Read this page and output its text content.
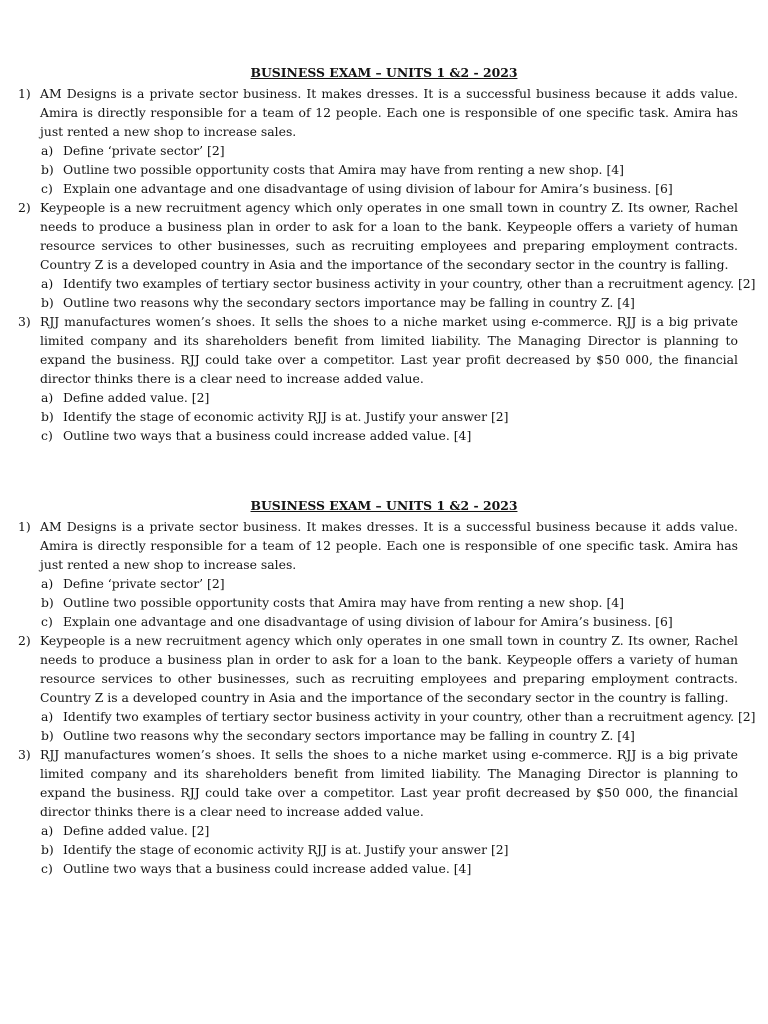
BUSINESS EXAM – UNITS 1 &2 - 2023
1) AM Designs is a private sector business. It makes dresses. It is a successful business because it adds value. Amira is directly responsible for a team of 12 people. Each one is responsible of one specific task. Amira has just rented a new shop to increase sales.

a) Define ‘private sector’ [2]
b) Outline two possible opportunity costs that Amira may have from renting a new shop. [4]
c) Explain one advantage and one disadvantage of using division of labour for Amira’s business. [6]
2) Keypeople is a new recruitment agency which only operates in one small town in country Z. Its owner, Rachel needs to produce a business plan in order to ask for a loan to the bank. Keypeople offers a variety of human resource services to other businesses, such as recruiting employees and preparing employment contracts. Country Z is a developed country in Asia and the importance of the secondary sector in the country is falling.

a) Identify two examples of tertiary sector business activity in your country, other than a recruitment agency. [2]
b) Outline two reasons why the secondary sectors importance may be falling in country Z. [4]
3) RJJ manufactures women’s shoes. It sells the shoes to a niche market using e-commerce. RJJ is a big private limited company and its shareholders benefit from limited liability. The Managing Director is planning to expand the business. RJJ could take over a competitor. Last year profit decreased by $50 000, the financial director thinks there is a clear need to increase added value.

a) Define added value. [2]
b) Identify the stage of economic activity RJJ is at. Justify your answer [2]
c) Outline two ways that a business could increase added value. [4]
BUSINESS EXAM – UNITS 1 &2 - 2023
1) AM Designs is a private sector business. It makes dresses. It is a successful business because it adds value. Amira is directly responsible for a team of 12 people. Each one is responsible of one specific task. Amira has just rented a new shop to increase sales.

a) Define ‘private sector’ [2]
b) Outline two possible opportunity costs that Amira may have from renting a new shop. [4]
c) Explain one advantage and one disadvantage of using division of labour for Amira’s business. [6]
2) Keypeople is a new recruitment agency which only operates in one small town in country Z. Its owner, Rachel needs to produce a business plan in order to ask for a loan to the bank. Keypeople offers a variety of human resource services to other businesses, such as recruiting employees and preparing employment contracts. Country Z is a developed country in Asia and the importance of the secondary sector in the country is falling.

a) Identify two examples of tertiary sector business activity in your country, other than a recruitment agency. [2]
b) Outline two reasons why the secondary sectors importance may be falling in country Z. [4]
3) RJJ manufactures women’s shoes. It sells the shoes to a niche market using e-commerce. RJJ is a big private limited company and its shareholders benefit from limited liability. The Managing Director is planning to expand the business. RJJ could take over a competitor. Last year profit decreased by $50 000, the financial director thinks there is a clear need to increase added value.

a) Define added value. [2]
b) Identify the stage of economic activity RJJ is at. Justify your answer [2]
c) Outline two ways that a business could increase added value. [4]
